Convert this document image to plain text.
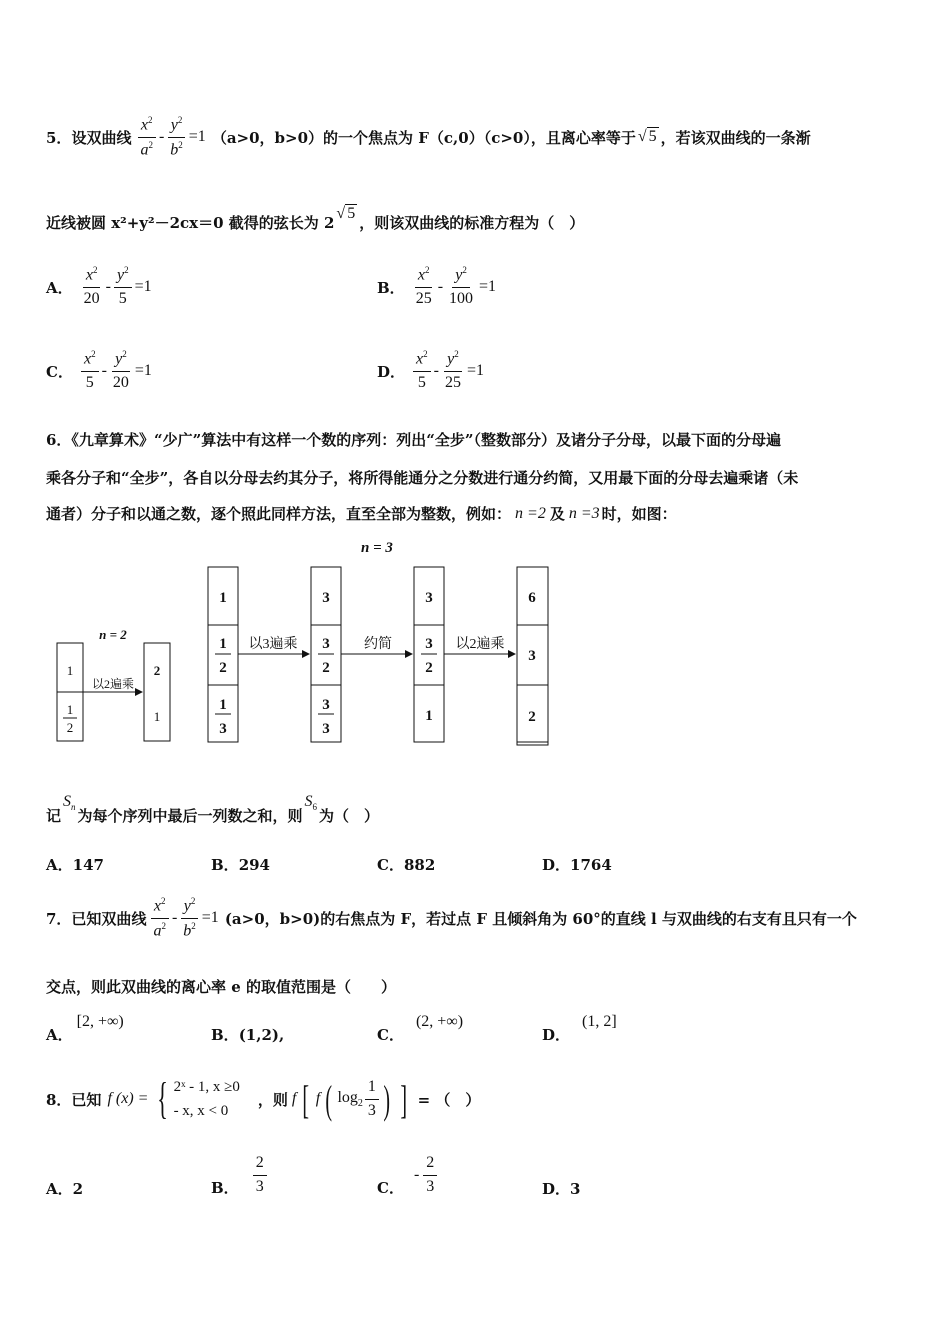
5． 设双曲线 $\frac{x^2}{a^2} - \frac{y^2}{b^2} =1$ （a>0，b>0）的一个焦点为 F（c,0）（c>0），且离心率等于 √ 5 ，若该双曲线的一条渐
近线被圆 x²+y²－2cx＝0 截得的弦长为 2 √ 5 ，则该双曲线的标准方程为（　）
A． $\frac{x^2}{20} - \frac{y^2}{5} =1$	B． $\frac{x^2}{25} - \frac{y^2}{100} =1$
C． $\frac{x^2}{5} - \frac{y^2}{20} =1$	D． $\frac{x^2}{5} - \frac{y^2}{25} =1$
6．《九章算术》“少广”算法中有这样一个数的序列：列出“全步”（整数部分）及诸分子分母，以最下面的分母遍
乘各分子和“全步”，各自以分母去约其分子，将所得能通分之分数进行通分约简，又用最下面的分母去遍乘诸（未
通者）分子和以通之数，逐个照此同样方法，直至全部为整数，例如： n =2 及 n =3 时，如图：
n = 2
n = 3
1
1
2
以2遍乘
2
1
1
1
2
1
3
以3遍乘
3
3
2
3
3
约简
3
3
2
1
以2遍乘
6
3
2
记
$S_n$ 为每个序列中最后一列数之和，则
$S_6$ 为（　）
A．147	B．294	C．882	D．1764
7．已知双曲线 $\frac{x^2}{a^2} - \frac{y^2}{b^2} =1$ (a>0，b>0)的右焦点为 F，若过点 F 且倾斜角为 60°的直线 l 与双曲线的右支有且只有一个
交点，则此双曲线的离心率 e 的取值范围是（　　）
A．[2, +∞)
B．(1,2),	C．(2, +∞)
D．(1, 2]
8．已知 f (x) = { 2ˣ - 1, x ≥0
- x, x < 0
，则 f [ f ( $\log_2 \frac{1}{3}$ ) ] = （　）
A．2	B． $\frac{2}{3}$	C．
- $\frac{2}{3}$	D．3
